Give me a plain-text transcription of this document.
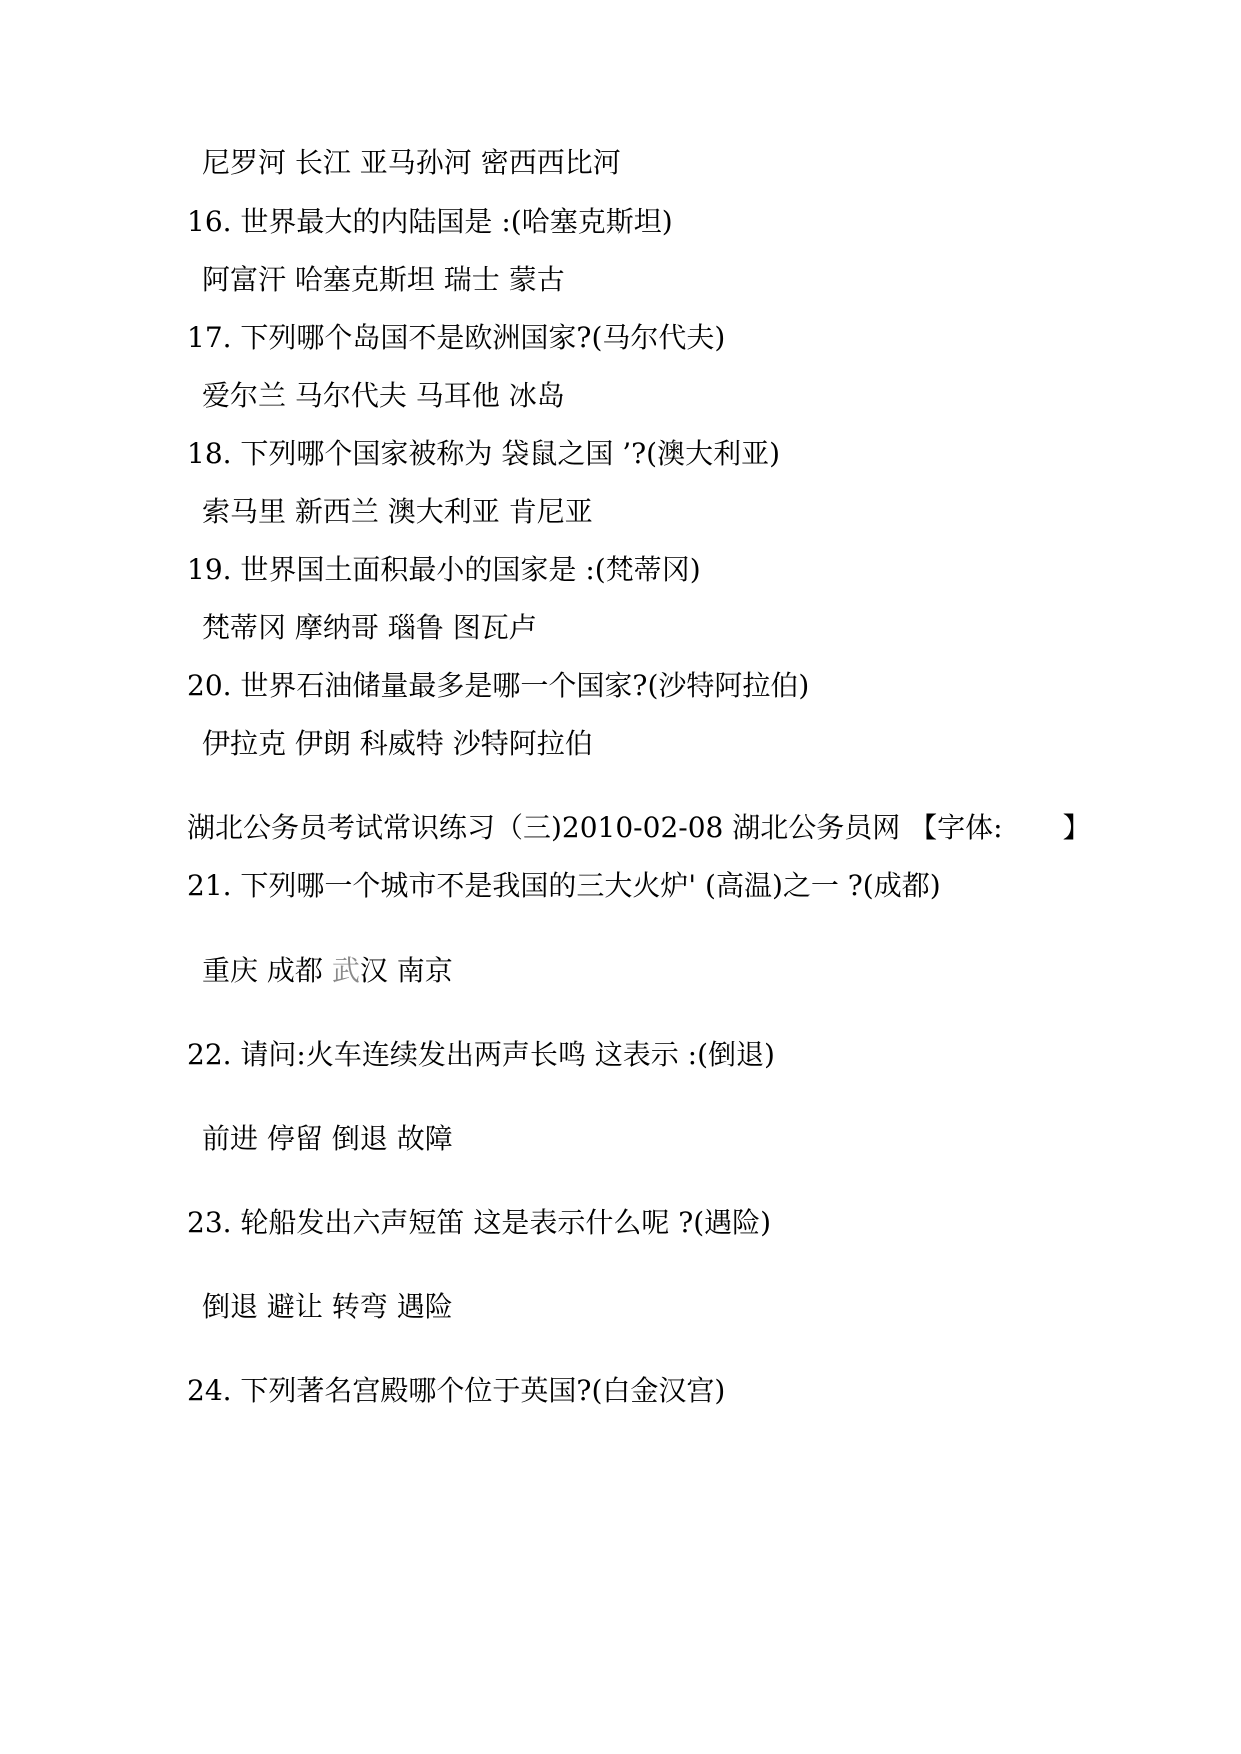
尼罗河 长江 亚马孙河 密西西比河
16. 世界最大的内陆国是 :(哈塞克斯坦)
阿富汗 哈塞克斯坦 瑞士 蒙古
17. 下列哪个岛国不是欧洲国家?(马尔代夫)
爱尔兰 马尔代夫 马耳他 冰岛
18. 下列哪个国家被称为 袋鼠之国 ’?(澳大利亚)
索马里 新西兰 澳大利亚 肯尼亚
19. 世界国土面积最小的国家是 :(梵蒂冈)
梵蒂冈 摩纳哥 瑙鲁 图瓦卢
20. 世界石油储量最多是哪一个国家?(沙特阿拉伯)
伊拉克 伊朗 科威特 沙特阿拉伯
湖北公务员考试常识练习（三)2010-02-08 湖北公务员网 【字体: 】
21. 下列哪一个城市不是我国的三大火炉' (高温)之一 ?(成都)
重庆 成都 武汉 南京
22. 请问:火车连续发出两声长鸣 这表示 :(倒退)
前进 停留 倒退 故障
23. 轮船发出六声短笛 这是表示什么呢 ?(遇险)
倒退 避让 转弯 遇险
24. 下列著名宫殿哪个位于英国?(白金汉宫)
